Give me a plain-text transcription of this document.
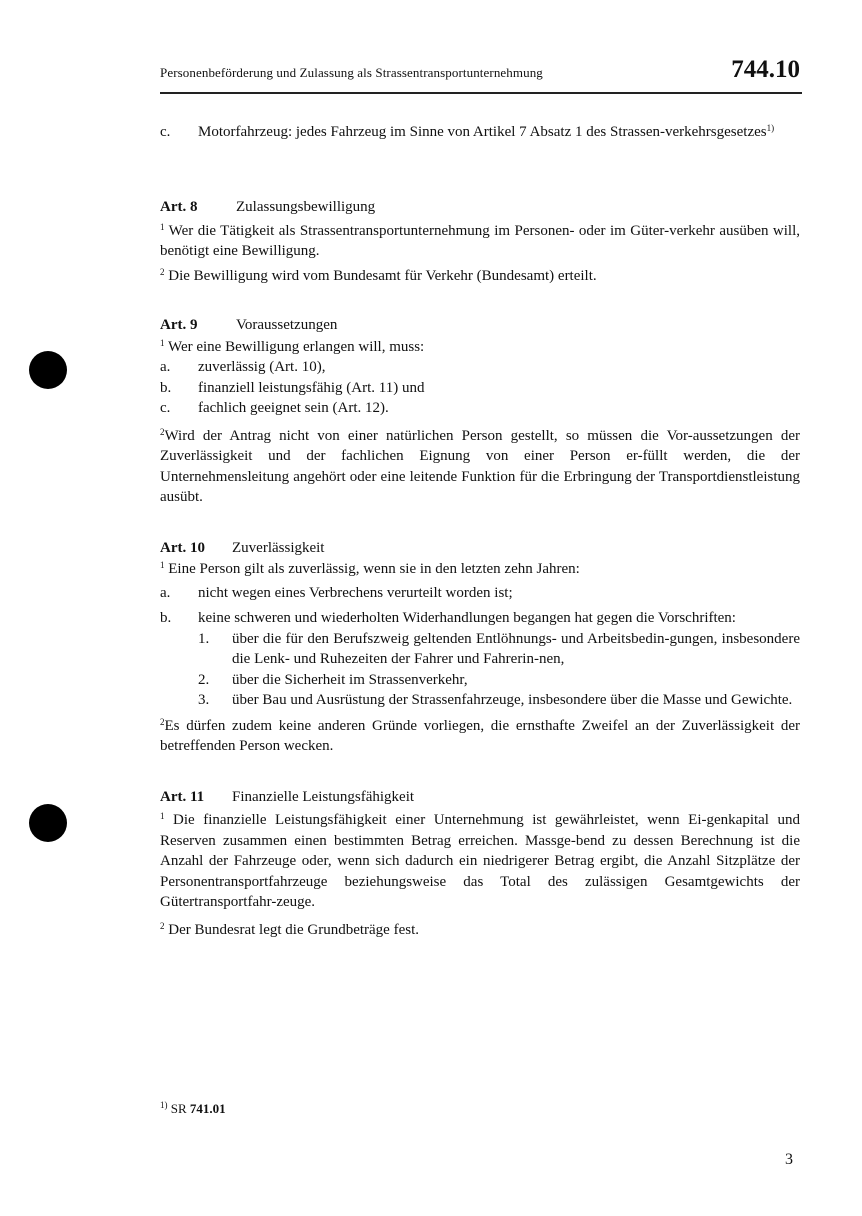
Personenbeförderung und Zulassung als Strassentransportunternehmung	744.10
c. Motorfahrzeug: jedes Fahrzeug im Sinne von Artikel 7 Absatz 1 des Strassen-verkehrsgesetzes$^{1)}$
Art. 8	Zulassungsbewilligung
$^1$ Wer die Tätigkeit als Strassentransportunternehmung im Personen- oder im Güter-verkehr ausüben will, benötigt eine Bewilligung.
$^2$ Die Bewilligung wird vom Bundesamt für Verkehr (Bundesamt) erteilt.
Art. 9	Voraussetzungen
$^1$ Wer eine Bewilligung erlangen will, muss:
a. zuverlässig (Art. 10),
b. finanziell leistungsfähig (Art. 11) und
c. fachlich geeignet sein (Art. 12).
$^2$Wird der Antrag nicht von einer natürlichen Person gestellt, so müssen die Vor-aussetzungen der Zuverlässigkeit und der fachlichen Eignung von einer Person er-füllt werden, die der Unternehmensleitung angehört oder eine leitende Funktion für die Erbringung der Transportdienstleistung ausübt.
Art. 10 Zuverlässigkeit
$^1$ Eine Person gilt als zuverlässig, wenn sie in den letzten zehn Jahren:
a. nicht wegen eines Verbrechens verurteilt worden ist;
b. keine schweren und wiederholten Widerhandlungen begangen hat gegen die Vorschriften:
1. über die für den Berufszweig geltenden Entlöhnungs- und Arbeitsbedin-gungen, insbesondere die Lenk- und Ruhezeiten der Fahrer und Fahrerin-nen,
2. über die Sicherheit im Strassenverkehr,
3. über Bau und Ausrüstung der Strassenfahrzeuge, insbesondere über die Masse und Gewichte.
$^2$Es dürfen zudem keine anderen Gründe vorliegen, die ernsthafte Zweifel an der Zuverlässigkeit der betreffenden Person wecken.
Art. 11 Finanzielle Leistungsfähigkeit
$^1$ Die finanzielle Leistungsfähigkeit einer Unternehmung ist gewährleistet, wenn Ei-genkapital und Reserven zusammen einen bestimmten Betrag erreichen. Massge-bend zu dessen Berechnung ist die Anzahl der Fahrzeuge oder, wenn sich dadurch ein niedrigerer Betrag ergibt, die Anzahl Sitzplätze der Personentransportfahrzeuge beziehungsweise das Total des zulässigen Gesamtgewichts der Gütertransportfahr-zeuge.
$^2$ Der Bundesrat legt die Grundbeträge fest.
$^{1)}$ SR 741.01
3
